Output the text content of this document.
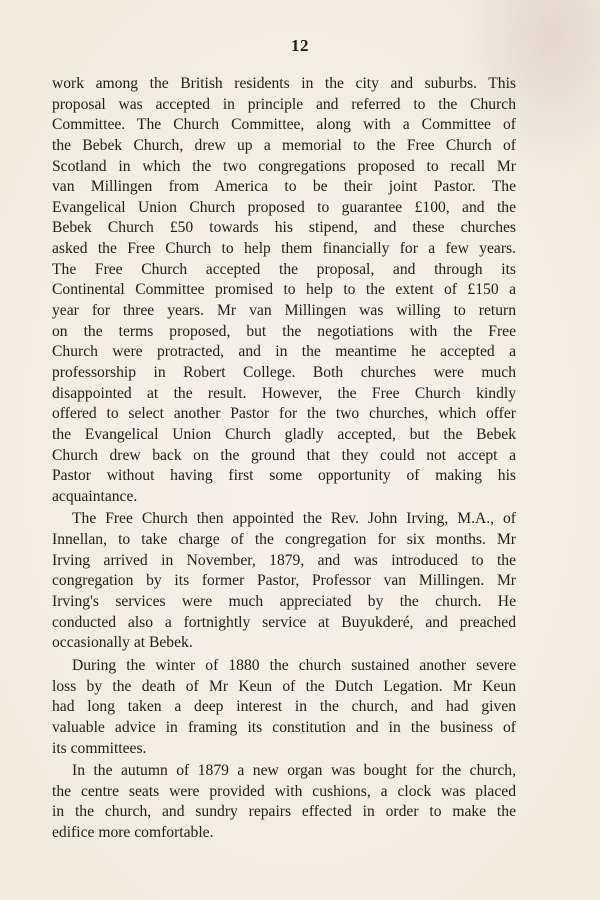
12
work among the British residents in the city and suburbs. This
proposal was accepted in principle and referred to the Church
Committee. The Church Committee, along with a Committee of
the Bebek Church, drew up a memorial to the Free Church of
Scotland in which the two congregations proposed to recall Mr
van Millingen from America to be their joint Pastor. The
Evangelical Union Church proposed to guarantee £100, and the
Bebek Church £50 towards his stipend, and these churches
asked the Free Church to help them financially for a few years.
The Free Church accepted the proposal, and through its
Continental Committee promised to help to the extent of £150 a
year for three years. Mr van Millingen was willing to return
on the terms proposed, but the negotiations with the Free
Church were protracted, and in the meantime he accepted a
professorship in Robert College. Both churches were much
disappointed at the result. However, the Free Church kindly
offered to select another Pastor for the two churches, which offer
the Evangelical Union Church gladly accepted, but the Bebek
Church drew back on the ground that they could not accept a
Pastor without having first some opportunity of making his
acquaintance.
The Free Church then appointed the Rev. John Irving, M.A., of
Innellan, to take charge of the congregation for six months. Mr
Irving arrived in November, 1879, and was introduced to the
congregation by its former Pastor, Professor van Millingen. Mr
Irving's services were much appreciated by the church. He
conducted also a fortnightly service at Buyukderé, and preached
occasionally at Bebek.
During the winter of 1880 the church sustained another severe
loss by the death of Mr Keun of the Dutch Legation. Mr Keun
had long taken a deep interest in the church, and had given
valuable advice in framing its constitution and in the business of
its committees.
In the autumn of 1879 a new organ was bought for the church,
the centre seats were provided with cushions, a clock was placed
in the church, and sundry repairs effected in order to make the
edifice more comfortable.
